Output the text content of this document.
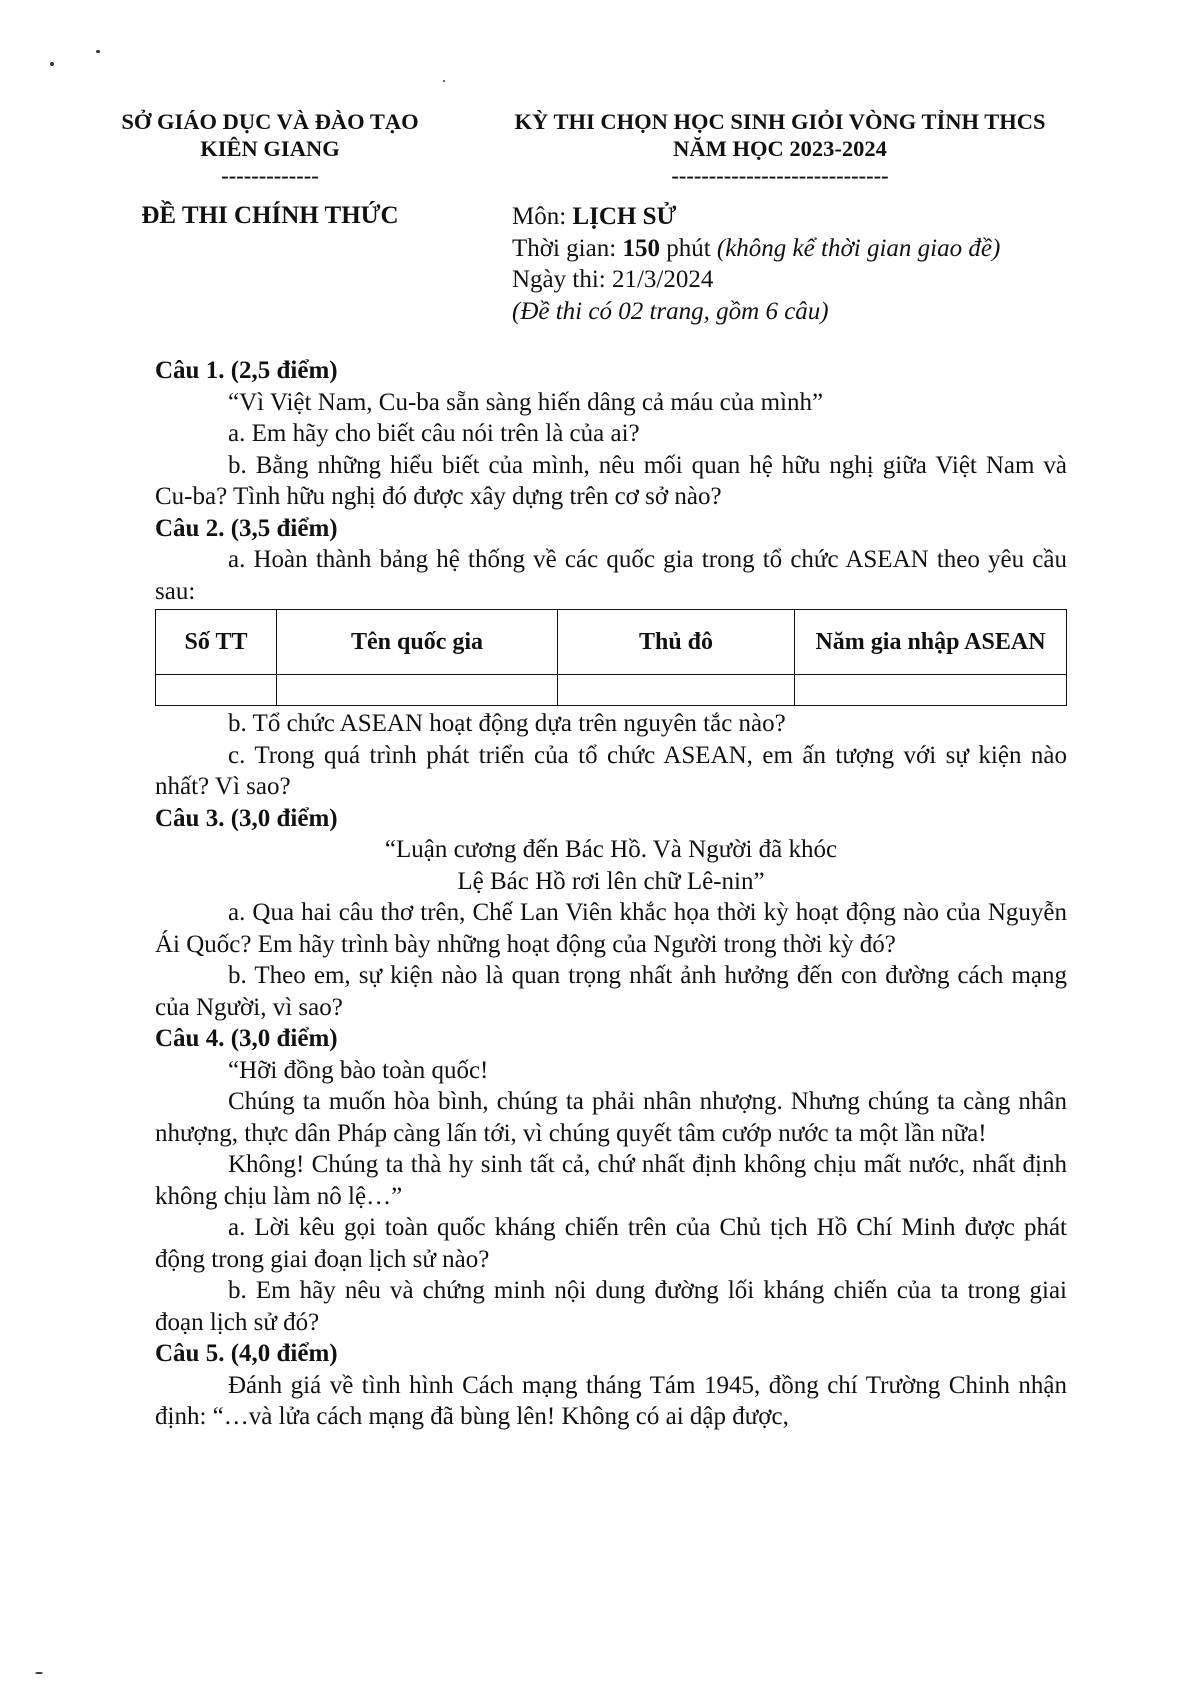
SỞ GIÁO DỤC VÀ ĐÀO TẠO
KIÊN GIANG
-------------
KỲ THI CHỌN HỌC SINH GIỎI VÒNG TỈNH THCS
NĂM HỌC 2023-2024
-----------------------------
ĐỀ THI CHÍNH THỨC	Môn: LỊCH SỬ
Thời gian: 150 phút (không kể thời gian giao đề)
Ngày thi: 21/3/2024
(Đề thi có 02 trang, gồm 6 câu)
Câu 1. (2,5 điểm)
“Vì Việt Nam, Cu-ba sẵn sàng hiến dâng cả máu của mình”
a. Em hãy cho biết câu nói trên là của ai?
b. Bằng những hiểu biết của mình, nêu mối quan hệ hữu nghị giữa Việt Nam và Cu-ba? Tình hữu nghị đó được xây dựng trên cơ sở nào?
Câu 2. (3,5 điểm)
a. Hoàn thành bảng hệ thống về các quốc gia trong tổ chức ASEAN theo yêu cầu sau:
Số TT	Tên quốc gia	Thủ đô	Năm gia nhập ASEAN

b. Tổ chức ASEAN hoạt động dựa trên nguyên tắc nào?
c. Trong quá trình phát triển của tổ chức ASEAN, em ấn tượng với sự kiện nào nhất? Vì sao?
Câu 3. (3,0 điểm)
“Luận cương đến Bác Hồ. Và Người đã khóc
Lệ Bác Hồ rơi lên chữ Lê-nin”
a. Qua hai câu thơ trên, Chế Lan Viên khắc họa thời kỳ hoạt động nào của Nguyễn Ái Quốc? Em hãy trình bày những hoạt động của Người trong thời kỳ đó?
b. Theo em, sự kiện nào là quan trọng nhất ảnh hưởng đến con đường cách mạng của Người, vì sao?
Câu 4. (3,0 điểm)
“Hỡi đồng bào toàn quốc!
Chúng ta muốn hòa bình, chúng ta phải nhân nhượng. Nhưng chúng ta càng nhân nhượng, thực dân Pháp càng lấn tới, vì chúng quyết tâm cướp nước ta một lần nữa!
Không! Chúng ta thà hy sinh tất cả, chứ nhất định không chịu mất nước, nhất định không chịu làm nô lệ…”
a. Lời kêu gọi toàn quốc kháng chiến trên của Chủ tịch Hồ Chí Minh được phát động trong giai đoạn lịch sử nào?
b. Em hãy nêu và chứng minh nội dung đường lối kháng chiến của ta trong giai đoạn lịch sử đó?
Câu 5. (4,0 điểm)
Đánh giá về tình hình Cách mạng tháng Tám 1945, đồng chí Trường Chinh nhận định: “…và lửa cách mạng đã bùng lên! Không có ai dập được,
